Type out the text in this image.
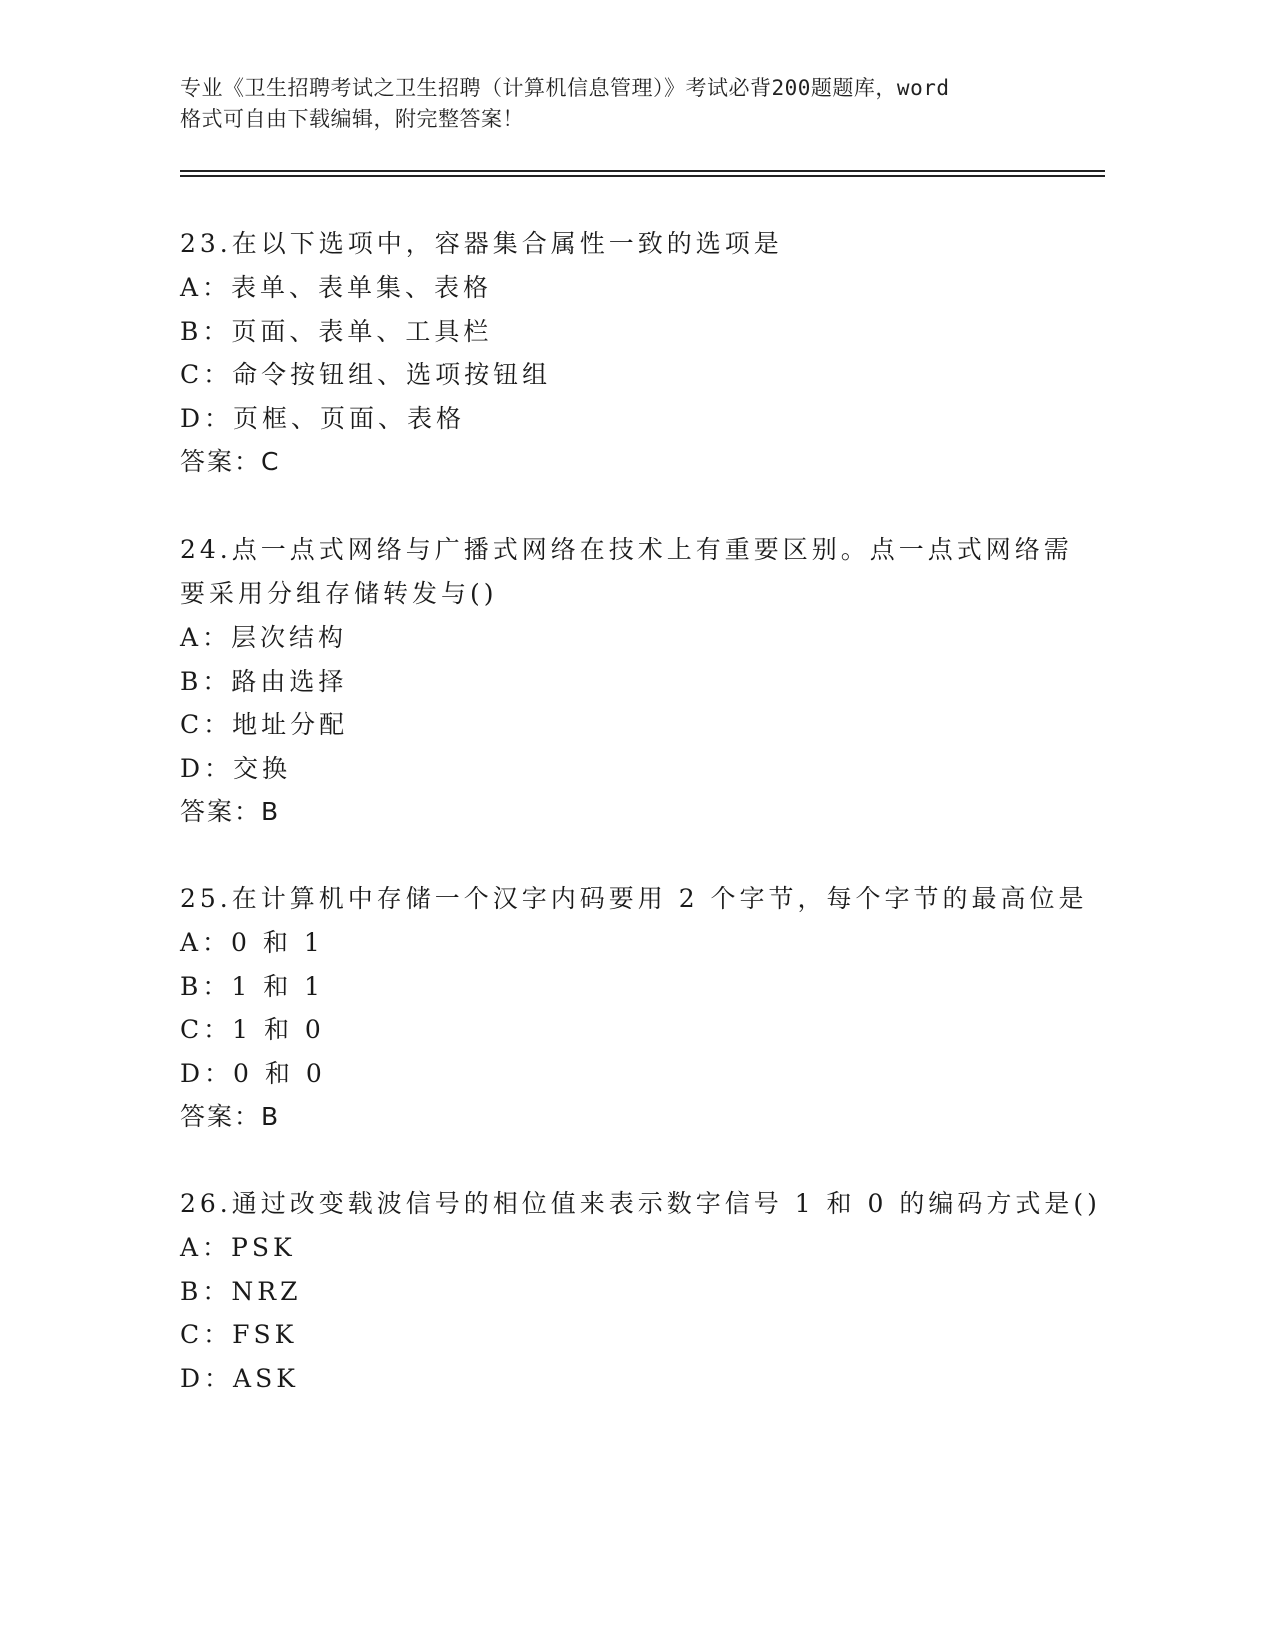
专业《卫生招聘考试之卫生招聘（计算机信息管理）》考试必背200题题库，word
格式可自由下载编辑，附完整答案！
23.在以下选项中，容器集合属性一致的选项是
A：表单、表单集、表格
B：页面、表单、工具栏
C：命令按钮组、选项按钮组
D：页框、页面、表格
答案：C
24.点一点式网络与广播式网络在技术上有重要区别。点一点式网络需
要采用分组存储转发与()
A：层次结构
B：路由选择
C：地址分配
D：交换
答案：B
25.在计算机中存储一个汉字内码要用 2 个字节，每个字节的最高位是
A：0 和 1
B：1 和 1
C：1 和 0
D：0 和 0
答案：B
26.通过改变载波信号的相位值来表示数字信号 1 和 0 的编码方式是()
A：PSK
B：NRZ
C：FSK
D：ASK
